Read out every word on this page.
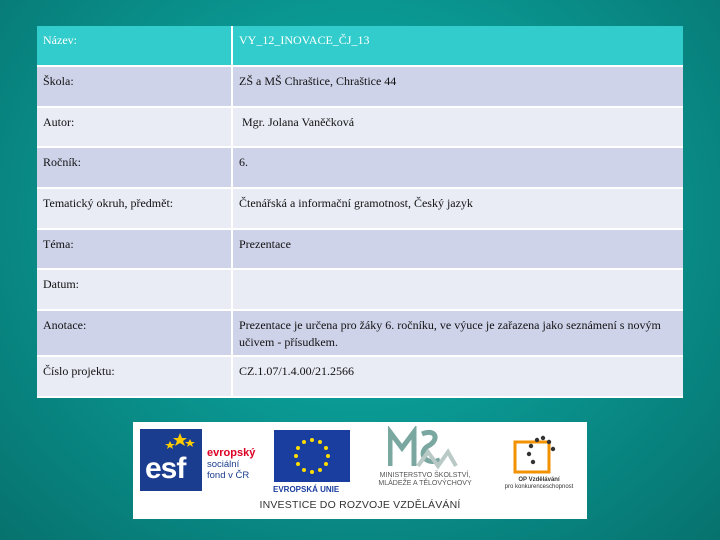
Název:	VY_12_INOVACE_ČJ_13
Škola:	ZŠ a MŠ Chraštice, Chraštice 44
Autor:	Mgr. Jolana Vaněčková
Ročník:	6.
Tematický okruh, předmět:	Čtenářská a informační gramotnost, Český jazyk
Téma:	Prezentace
Datum:
Anotace:	Prezentace je určena pro žáky 6. ročníku, ve výuce je zařazena jako seznámení s novým učivem - přísudkem.
Číslo projektu:	CZ.1.07/1.4.00/21.2566
esf evropský
sociální
fond v ČR
EVROPSKÁ UNIE
MINISTERSTVO ŠKOLSTVÍ,
MLÁDEŽE A TĚLOVÝCHOVY	OP Vzdělávání
pro konkurenceschopnost
INVESTICE DO ROZVOJE VZDĚLÁVÁNÍ
